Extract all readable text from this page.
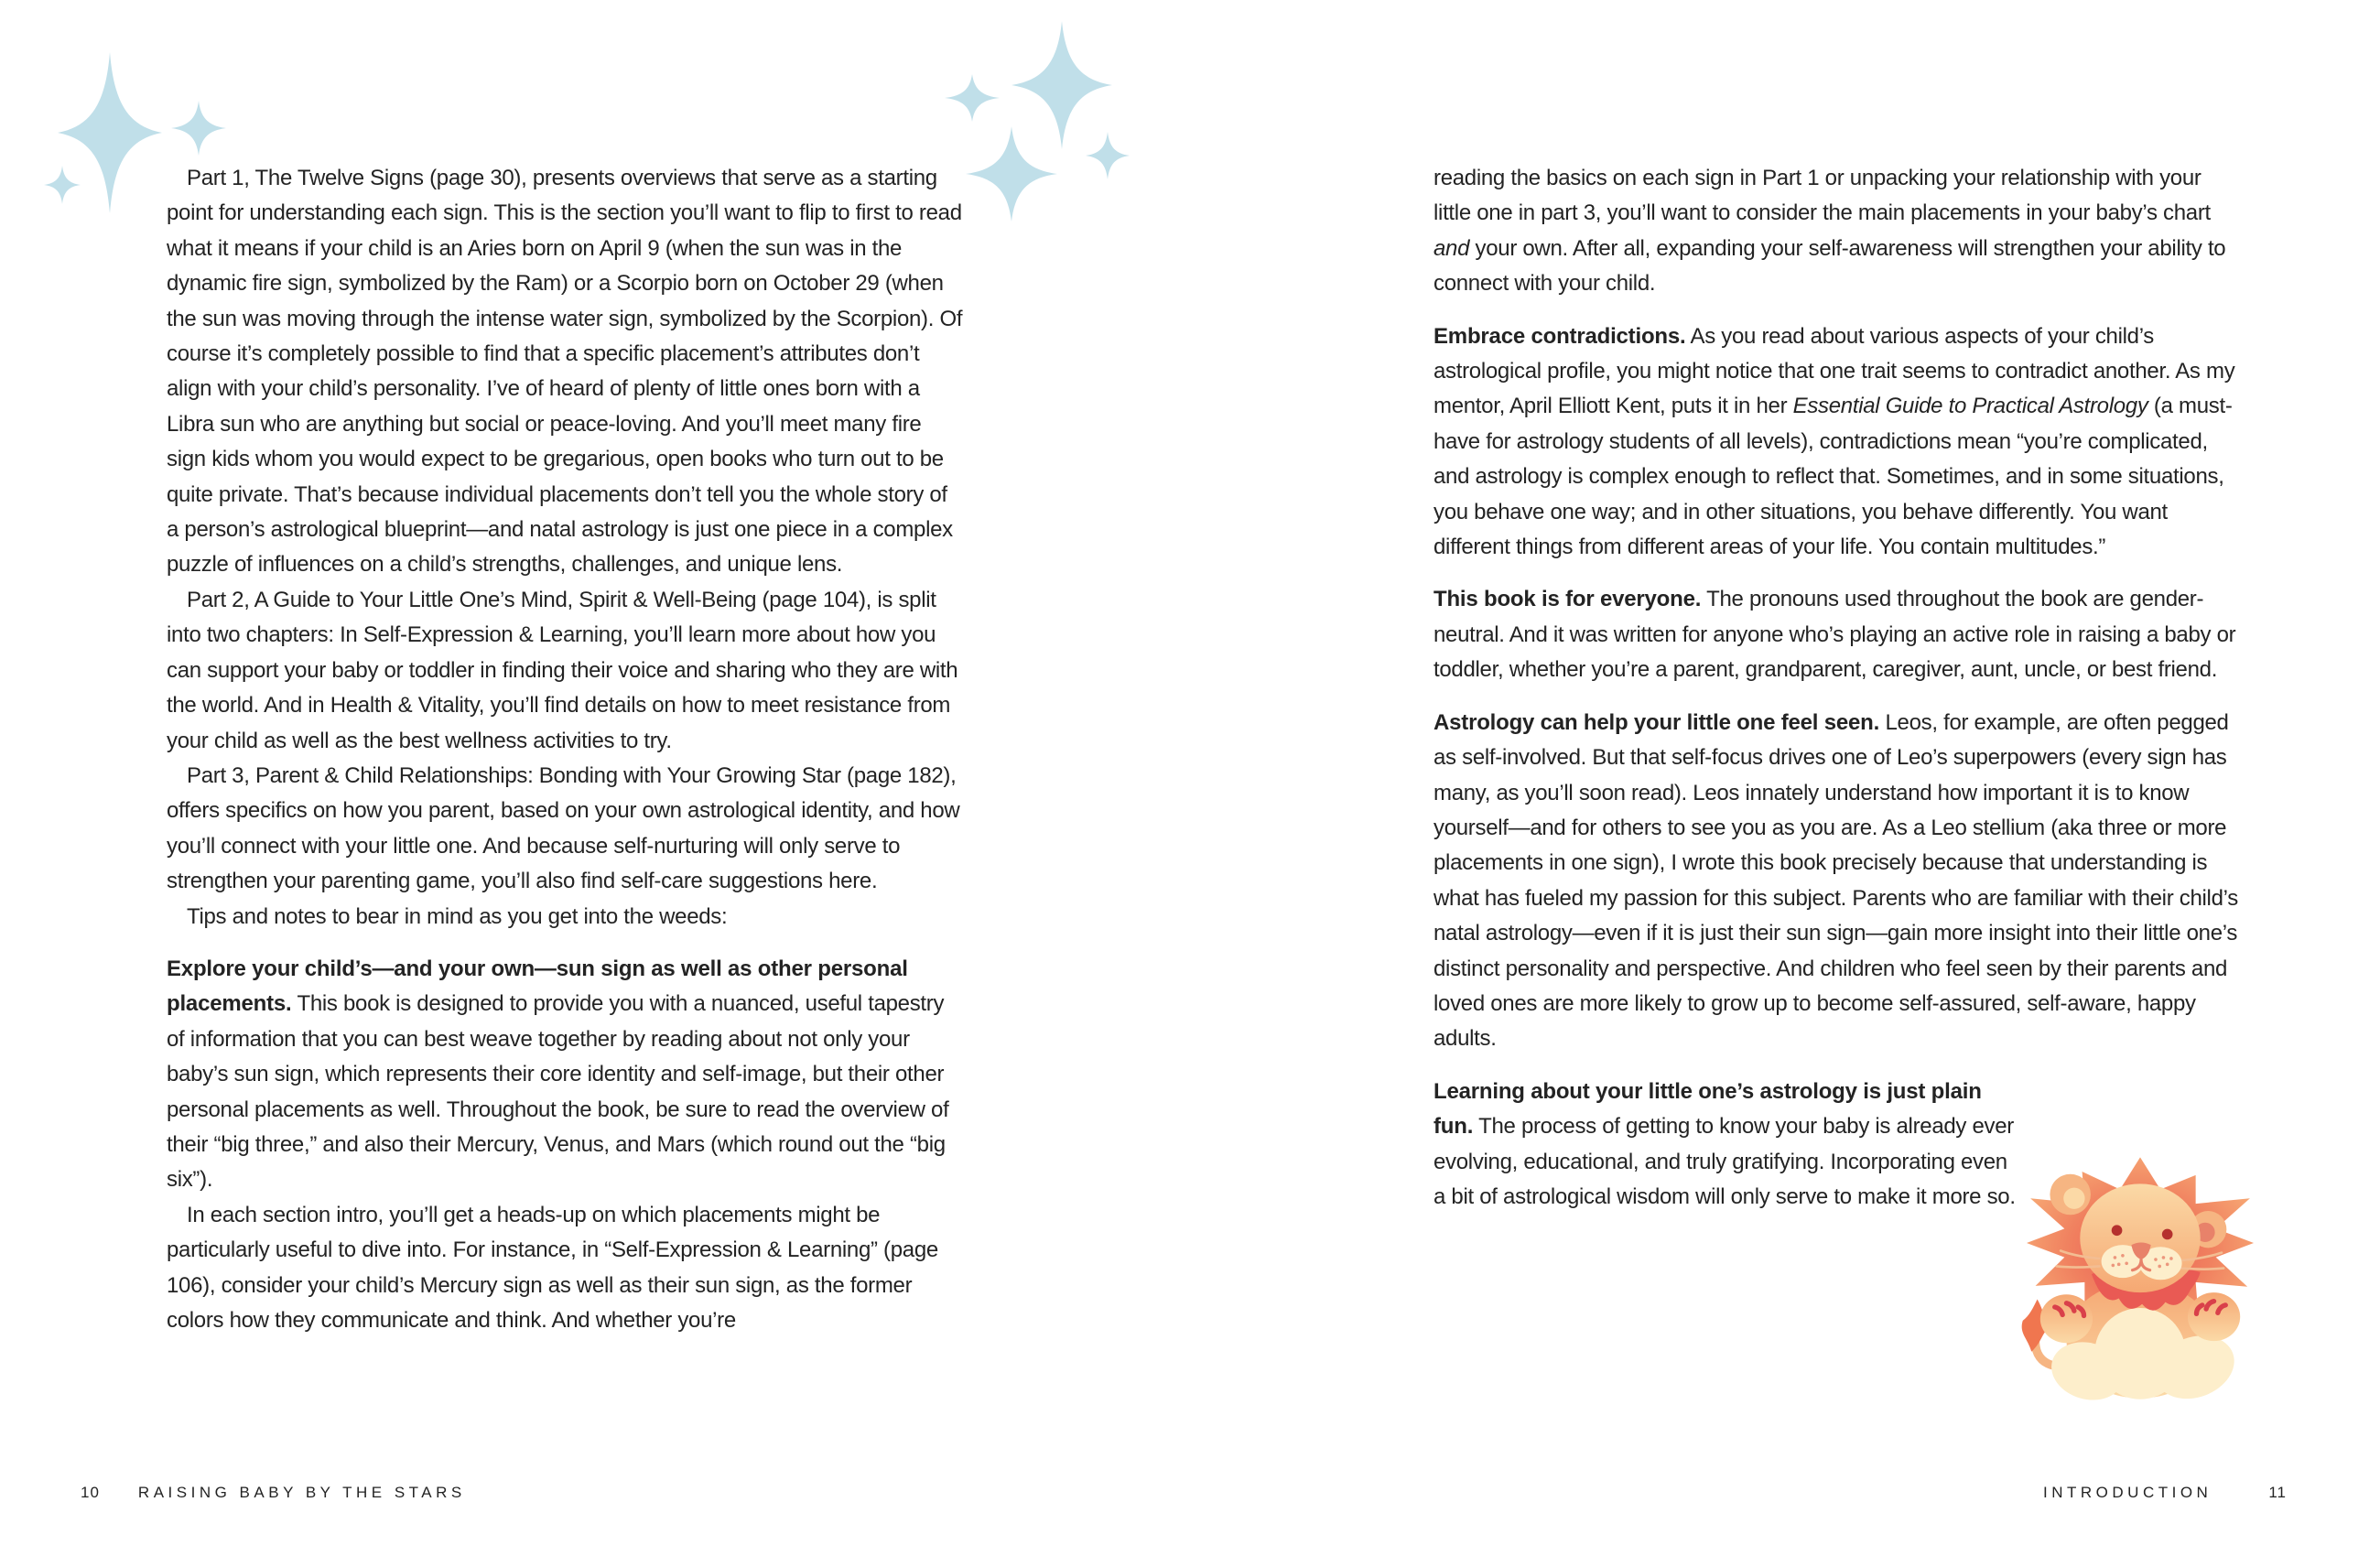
Part 1, The Twelve Signs (page 30), presents overviews that serve as a starting point for understanding each sign. This is the section you’ll want to flip to first to read what it means if your child is an Aries born on April 9 (when the sun was in the dynamic fire sign, symbolized by the Ram) or a Scorpio born on October 29 (when the sun was moving through the intense water sign, symbolized by the Scorpion). Of course it’s completely possible to find that a specific placement’s attributes don’t align with your child’s personality. I’ve of heard of plenty of little ones born with a Libra sun who are anything but social or peace-loving. And you’ll meet many fire sign kids whom you would expect to be gregarious, open books who turn out to be quite private. That’s because individual placements don’t tell you the whole story of a person’s astrological blueprint—and natal astrology is just one piece in a complex puzzle of influences on a child’s strengths, challenges, and unique lens.

Part 2, A Guide to Your Little One’s Mind, Spirit & Well-Being (page 104), is split into two chapters: In Self-Expression & Learning, you’ll learn more about how you can support your baby or toddler in finding their voice and sharing who they are with the world. And in Health & Vitality, you’ll find details on how to meet resistance from your child as well as the best wellness activities to try.

Part 3, Parent & Child Relationships: Bonding with Your Growing Star (page 182), offers specifics on how you parent, based on your own astrological identity, and how you’ll connect with your little one. And because self-nurturing will only serve to strengthen your parenting game, you’ll also find self-care suggestions here.

Tips and notes to bear in mind as you get into the weeds:

Explore your child’s—and your own—sun sign as well as other personal placements. This book is designed to provide you with a nuanced, useful tapestry of information that you can best weave together by reading about not only your baby’s sun sign, which represents their core identity and self-image, but their other personal placements as well. Throughout the book, be sure to read the overview of their “big three,” and also their Mercury, Venus, and Mars (which round out the “big six”).

In each section intro, you’ll get a heads-up on which placements might be particularly useful to dive into. For instance, in “Self-Expression & Learning” (page 106), consider your child’s Mercury sign as well as their sun sign, as the former colors how they communicate and think. And whether you’re

reading the basics on each sign in Part 1 or unpacking your relationship with your little one in part 3, you’ll want to consider the main placements in your baby’s chart and your own. After all, expanding your self-awareness will strengthen your ability to connect with your child.

Embrace contradictions. As you read about various aspects of your child’s astrological profile, you might notice that one trait seems to contradict another. As my mentor, April Elliott Kent, puts it in her Essential Guide to Practical Astrology (a must-have for astrology students of all levels), contradictions mean “you’re complicated, and astrology is complex enough to reflect that. Sometimes, and in some situations, you behave one way; and in other situations, you behave differently. You want different things from different areas of your life. You contain multitudes.”

This book is for everyone. The pronouns used throughout the book are gender-neutral. And it was written for anyone who’s playing an active role in raising a baby or toddler, whether you’re a parent, grandparent, caregiver, aunt, uncle, or best friend.

Astrology can help your little one feel seen. Leos, for example, are often pegged as self-involved. But that self-focus drives one of Leo’s superpowers (every sign has many, as you’ll soon read). Leos innately understand how important it is to know yourself—and for others to see you as you are. As a Leo stellium (aka three or more placements in one sign), I wrote this book precisely because that understanding is what has fueled my passion for this subject. Parents who are familiar with their child’s natal astrology—even if it is just their sun sign—gain more insight into their little one’s distinct personality and perspective. And children who feel seen by their parents and loved ones are more likely to grow up to become self-assured, self-aware, happy adults.

Learning about your little one’s astrology is just plain fun. The process of getting to know your baby is already ever evolving, educational, and truly gratifying. Incorporating even a bit of astrological wisdom will only serve to make it more so.

10 RAISING BABY BY THE STARS	INTRODUCTION	11
